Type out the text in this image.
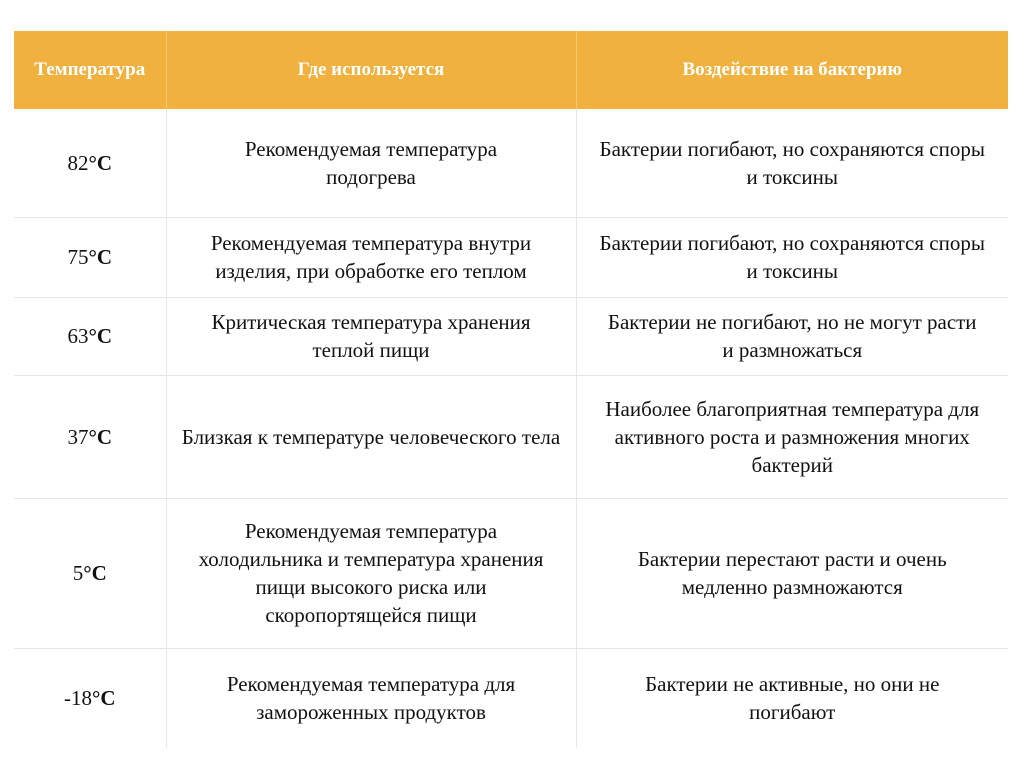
Температура	Где используется	Воздействие на бактерию
82°C	Рекомендуемая температура подогрева	Бактерии погибают, но сохраняются споры и токсины
75°C	Рекомендуемая температура внутри изделия, при обработке его теплом	Бактерии погибают, но сохраняются споры и токсины
63°C	Критическая температура хранения теплой пищи	Бактерии не погибают, но не могут расти и размножаться
37°C	Близкая к температуре человеческого тела	Наиболее благоприятная температура для активного роста и размножения многих бактерий
5°C	Рекомендуемая температура холодильника и температура хранения пищи высокого риска или скоропортящейся пищи	Бактерии перестают расти и очень медленно размножаются
-18°C	Рекомендуемая температура для замороженных продуктов	Бактерии не активные, но они не погибают
